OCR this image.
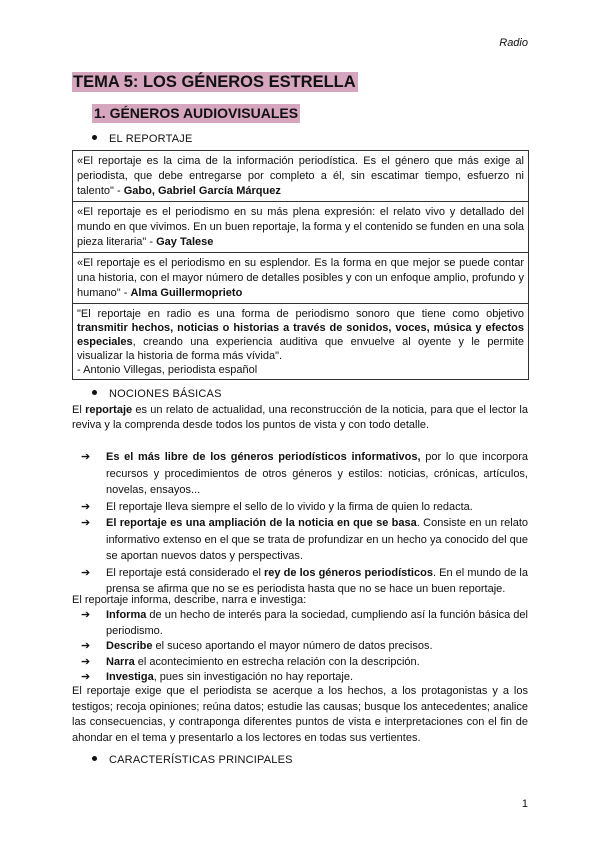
Radio
TEMA 5: LOS GÉNEROS ESTRELLA
1. GÉNEROS AUDIOVISUALES
EL REPORTAJE
«El reportaje es la cima de la información periodística. Es el género que más exige al periodista, que debe entregarse por completo a él, sin escatimar tiempo, esfuerzo ni talento" - Gabo, Gabriel García Márquez
«El reportaje es el periodismo en su más plena expresión: el relato vivo y detallado del mundo en que vivimos. En un buen reportaje, la forma y el contenido se funden en una sola pieza literaria" - Gay Talese
«El reportaje es el periodismo en su esplendor. Es la forma en que mejor se puede contar una historia, con el mayor número de detalles posibles y con un enfoque amplio, profundo y humano" - Alma Guillermoprieto
"El reportaje en radio es una forma de periodismo sonoro que tiene como objetivo transmitir hechos, noticias o historias a través de sonidos, voces, música y efectos especiales, creando una experiencia auditiva que envuelve al oyente y le permite visualizar la historia de forma más vívida".
- Antonio Villegas, periodista español
NOCIONES BÁSICAS
El reportaje es un relato de actualidad, una reconstrucción de la noticia, para que el lector la reviva y la comprenda desde todos los puntos de vista y con todo detalle.
➔ Es el más libre de los géneros periodísticos informativos, por lo que incorpora recursos y procedimientos de otros géneros y estilos: noticias, crónicas, artículos, novelas, ensayos...
➔ El reportaje lleva siempre el sello de lo vivido y la firma de quien lo redacta.
➔ El reportaje es una ampliación de la noticia en que se basa. Consiste en un relato informativo extenso en el que se trata de profundizar en un hecho ya conocido del que se aportan nuevos datos y perspectivas.
➔ El reportaje está considerado el rey de los géneros periodísticos. En el mundo de la prensa se afirma que no se es periodista hasta que no se hace un buen reportaje.
El reportaje informa, describe, narra e investiga:
➔ Informa de un hecho de interés para la sociedad, cumpliendo así la función básica del periodismo.
➔ Describe el suceso aportando el mayor número de datos precisos.
➔ Narra el acontecimiento en estrecha relación con la descripción.
➔ Investiga, pues sin investigación no hay reportaje.
El reportaje exige que el periodista se acerque a los hechos, a los protagonistas y a los testigos; recoja opiniones; reúna datos; estudie las causas; busque los antecedentes; analice las consecuencias, y contraponga diferentes puntos de vista e interpretaciones con el fin de ahondar en el tema y presentarlo a los lectores en todas sus vertientes.
CARACTERÍSTICAS PRINCIPALES
1
